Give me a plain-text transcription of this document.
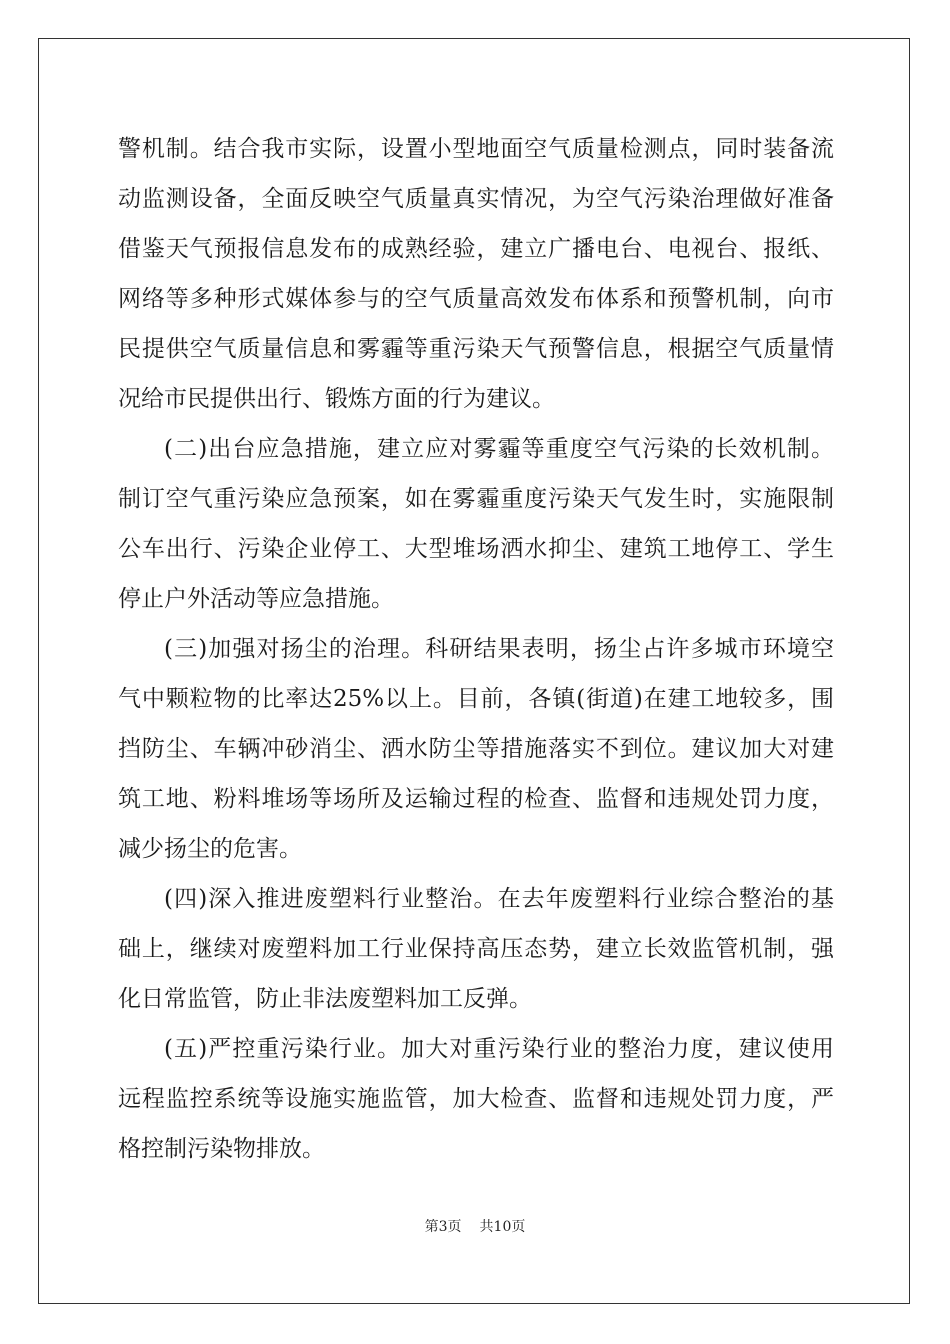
警机制。结合我市实际，设置小型地面空气质量检测点，同时装备流
动监测设备，全面反映空气质量真实情况，为空气污染治理做好准备
借鉴天气预报信息发布的成熟经验，建立广播电台、电视台、报纸、
网络等多种形式媒体参与的空气质量高效发布体系和预警机制，向市
民提供空气质量信息和雾霾等重污染天气预警信息，根据空气质量情
况给市民提供出行、锻炼方面的行为建议。
(二)出台应急措施，建立应对雾霾等重度空气污染的长效机制。
制订空气重污染应急预案，如在雾霾重度污染天气发生时，实施限制
公车出行、污染企业停工、大型堆场洒水抑尘、建筑工地停工、学生
停止户外活动等应急措施。
(三)加强对扬尘的治理。科研结果表明，扬尘占许多城市环境空
气中颗粒物的比率达25%以上。目前，各镇(街道)在建工地较多，围
挡防尘、车辆冲砂消尘、洒水防尘等措施落实不到位。建议加大对建
筑工地、粉料堆场等场所及运输过程的检查、监督和违规处罚力度，
减少扬尘的危害。
(四)深入推进废塑料行业整治。在去年废塑料行业综合整治的基
础上，继续对废塑料加工行业保持高压态势，建立长效监管机制，强
化日常监管，防止非法废塑料加工反弹。
(五)严控重污染行业。加大对重污染行业的整治力度，建议使用
远程监控系统等设施实施监管，加大检查、监督和违规处罚力度，严
格控制污染物排放。
第3页 共10页
